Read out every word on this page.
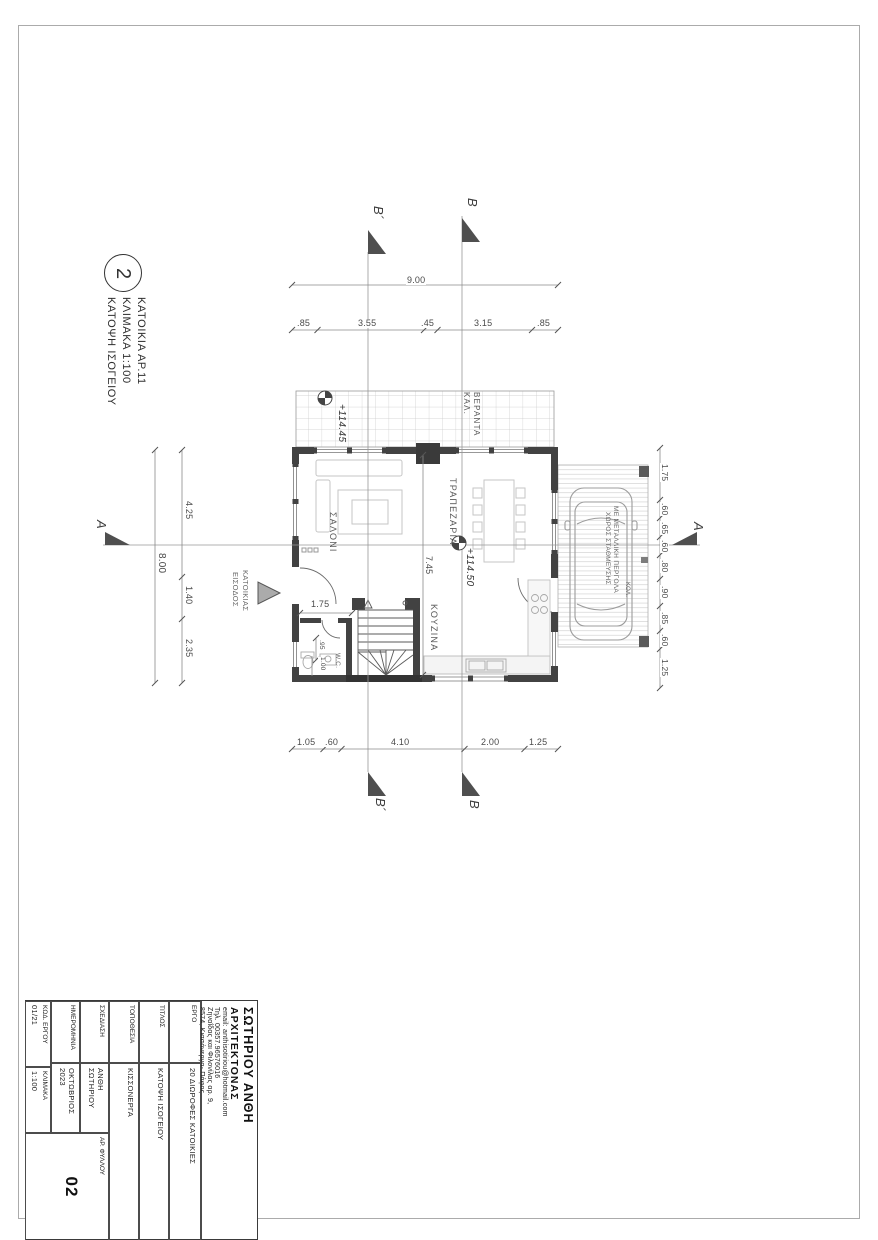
2
ΚΑΤΟΨΗ ΙΣΟΓΕΙΟΥ ΚΛΙΜΑΚΑ 1:100 ΚΑΤΟΙΚΙΑ ΑΡ.11
B´
B
B´	B
A	A
9.00
.85	3.55	.45	3.15	.85
8.00
4.25
1.40
2.35
1.05 .60	4.10	2.00	1.25
1.75
.60
.65
.60
.80
.90
.85
.60
1.25
1.75
7.45
.95
1.00
+114.45
+114.50
ΣΑΛΟΝΙ	ΤΡΑΠΕΖΑΡΙΑ
ΚΟΥΖΙΝΑ
W.C.
ΚΑΛ. ΒΕΡΑΝΤΑ
ΕΙΣΟΔΟΣ ΚΑΤΟΙΚΙΑΣ
ΧΩΡΟΣ ΣΤΑΘΜΕΥΣΗΣ ΜΕ ΜΕΤΑΛΛΙΚΗ ΠΕΡΓΟΛΑ ΚΟΛ.
ΣΩΤΗΡΙΟΥ ΑΝΘΗ
ΑΡΧΙΤΕΚΤΟΝΑΣ
email: anthisotiriou@hotmail.com
Τηλ. 00357.96576016
Ζηναΐδας και Φιλονίλας αρ. 9,
8574, Κισσόνεργα- Πάφος
ΕΡΓΟ
20 ΔΙΩΡΟΦΕΣ ΚΑΤΟΙΚΙΕΣ
ΤΙΤΛΟΣ
ΚΑΤΟΨΗ ΙΣΟΓΕΙΟΥ
ΤΟΠΟΘΕΣΙΑ
ΚΙΣΣΟΝΕΡΓΑ
ΣΧΕΔΙΑΣΗ
ΑΝΘΗ ΣΩΤΗΡΙΟΥ
ΗΜΕΡΟΜΗΝΙΑ
ΟΚΤΩΒΡΙΟΣ 2023
ΚΩΔ. ΕΡΓΟΥ
01/21
ΚΛΙΜΑΚΑ
1:100
ΑΡ. ΦΥΛΛΟΥ
02
